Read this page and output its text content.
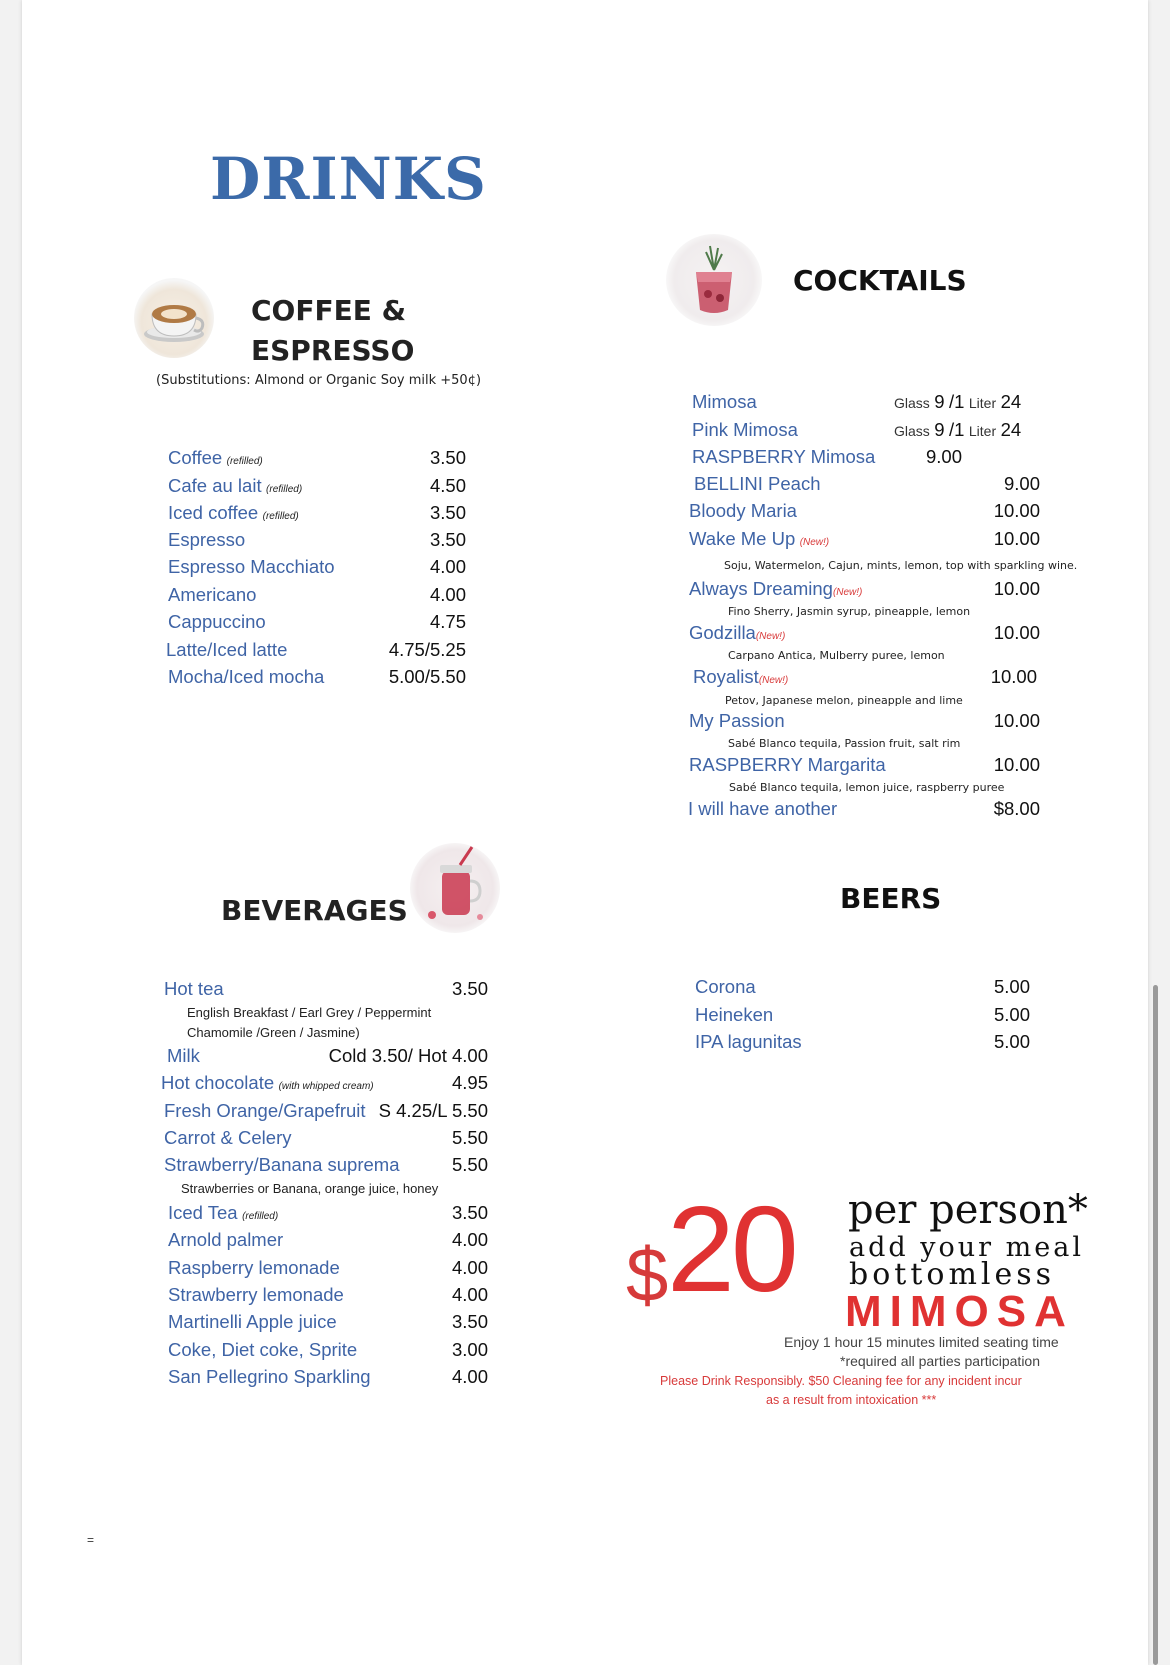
DRINKS
COFFEE &
ESPRESSO
(Substitutions: Almond or Organic Soy milk +50¢)
Coffee (refilled)	3.50
Cafe au lait (refilled)	4.50
Iced coffee (refilled)	3.50
Espresso	3.50
Espresso Macchiato	4.00
Americano	4.00
Cappuccino	4.75
Latte/Iced latte	4.75/5.25
Mocha/Iced mocha	5.00/5.50
COCKTAILS
Mimosa	Glass 9 /1 Liter 24
Pink Mimosa	Glass 9 /1 Liter 24
RASPBERRY Mimosa	9.00
BELLINI Peach	9.00
Bloody Maria	10.00
Wake Me Up (New!)	10.00
Soju, Watermelon, Cajun, mints, lemon, top with sparkling wine.
Always Dreaming(New!)	10.00
Fino Sherry, Jasmin syrup, pineapple, lemon
Godzilla(New!)	10.00
Carpano Antica, Mulberry puree, lemon
Royalist(New!)	10.00
Petov, Japanese melon, pineapple and lime
My Passion	10.00
Sabé Blanco tequila, Passion fruit, salt rim
RASPBERRY Margarita	10.00
Sabé Blanco tequila, lemon juice, raspberry puree
I will have another	$8.00
BEVERAGES
Hot tea	3.50
English Breakfast / Earl Grey / Peppermint
Chamomile /Green / Jasmine)
Milk	Cold 3.50/ Hot 4.00
Hot chocolate (with whipped cream)	4.95
Fresh Orange/Grapefruit S 4.25/L 5.50
Carrot & Celery	5.50
Strawberry/Banana suprema	5.50
Strawberries or Banana, orange juice, honey
Iced Tea (refilled)	3.50
Arnold palmer	4.00
Raspberry lemonade	4.00
Strawberry lemonade	4.00
Martinelli Apple juice	3.50
Coke, Diet coke, Sprite	3.00
San Pellegrino Sparkling	4.00
BEERS
Corona	5.00
Heineken	5.00
IPA lagunitas	5.00
$
20 per person*
add your meal
bottomless
MIMOSA
Enjoy 1 hour 15 minutes limited seating time
*required all parties participation
Please Drink Responsibly. $50 Cleaning fee for any incident incur
as a result from intoxication ***
=
